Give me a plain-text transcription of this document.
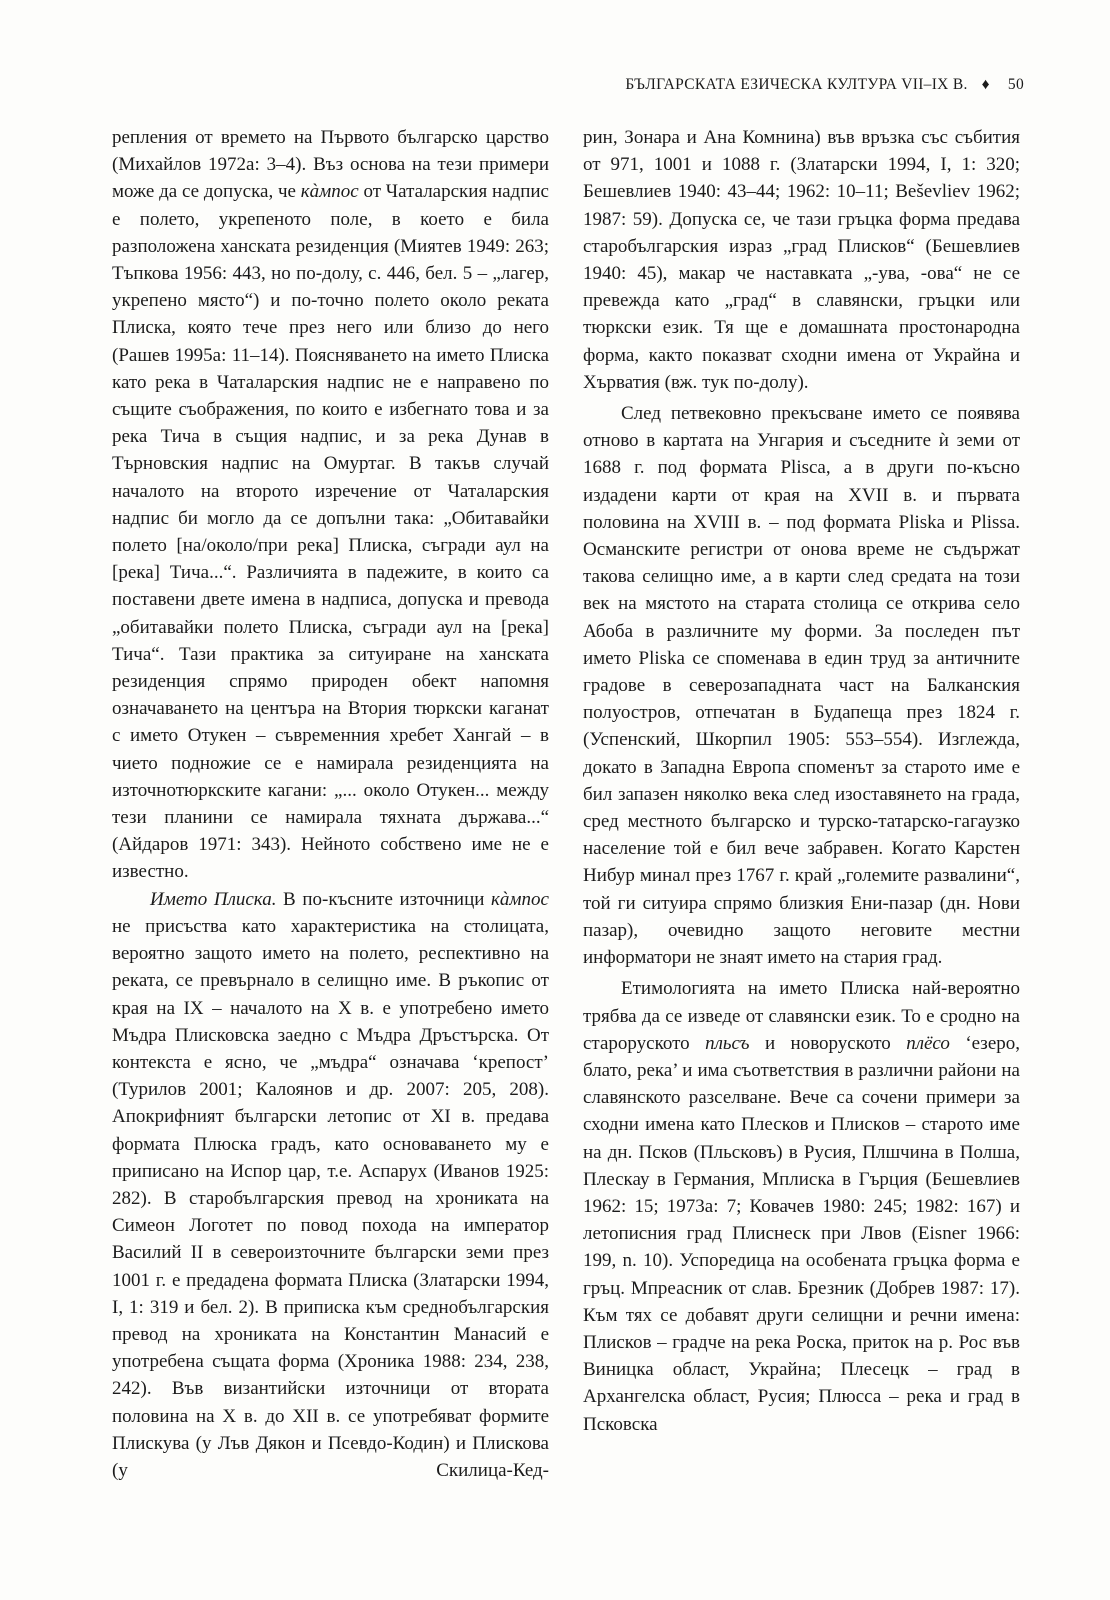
БЪЛГАРСКАТА ЕЗИЧЕСКА КУЛТУРА VII–IX В. ♦ 50

репления от времето на Първото българско царство (Михайлов 1972а: 3–4). Въз основа на тези примери може да се допуска, че кàмпос от Чаталарския надпис е полето, укрепеното поле, в което е била разположена ханската резиденция (Миятев 1949: 263; Тъпкова 1956: 443, но по-долу, с. 446, бел. 5 – „лагер, укрепено място“) и по-точно полето около реката Плиска, която тече през него или близо до него (Рашев 1995а: 11–14). Поясняването на името Плиска като река в Чаталарския надпис не е направено по същите съображения, по които е избегнато това и за река Тича в същия надпис, и за река Дунав в Търновския надпис на Омуртаг. В такъв случай началото на второто изречение от Чаталарския надпис би могло да се допълни така: „Обитавайки полето [на/около/при река] Плиска, съгради аул на [река] Тича...“. Различията в падежите, в които са поставени двете имена в надписа, допуска и превода „обитавайки полето Плиска, съгради аул на [река] Тича“. Тази практика за ситуиране на ханската резиденция спрямо природен обект напомня означаването на центъра на Втория тюркски каганат с името Отукен – съвременния хребет Хангай – в чието подножие се е намирала резиденцията на източнотюркските кагани: „... около Отукен... между тези планини се намирала тяхната държава...“ (Айдаров 1971: 343). Нейното собствено име не е известно.

Името Плиска. В по-късните източници кàмпос не присъства като характеристика на столицата, вероятно защото името на полето, респективно на реката, се превърнало в селищно име. В ръкопис от края на IX – началото на X в. е употребено името Мъдра Плисковска заедно с Мъдра Дръстърска. От контекста е ясно, че „мъдра“ означава ‘крепост’ (Турилов 2001; Калоянов и др. 2007: 205, 208). Апокрифният български летопис от XI в. предава формата Плюска градъ, като основаването му е приписано на Испор цар, т.е. Аспарух (Иванов 1925: 282). В старобългарския превод на хрониката на Симеон Логотет по повод похода на император Василий II в североизточните български земи през 1001 г. е предадена формата Плиска (Златарски 1994, I, 1: 319 и бел. 2). В приписка към среднобългарския превод на хрониката на Константин Манасий е употребена същата форма (Хроника 1988: 234, 238, 242). Във византийски източници от втората половина на X в. до XII в. се употребяват формите Плискува (у Лъв Дякон и Псевдо-Кодин) и Плискова (у Скилица-Кед-

рин, Зонара и Ана Комнина) във връзка със събития от 971, 1001 и 1088 г. (Златарски 1994, I, 1: 320; Бешевлиев 1940: 43–44; 1962: 10–11; Beševliev 1962; 1987: 59). Допуска се, че тази гръцка форма предава старобългарския израз „град Плисков“ (Бешевлиев 1940: 45), макар че наставката „-ува, -ова“ не се превежда като „град“ в славянски, гръцки или тюркски език. Тя ще е домашната простонародна форма, както показват сходни имена от Украйна и Хърватия (вж. тук по-долу).

След петвековно прекъсване името се появява отново в картата на Унгария и съседните ѝ земи от 1688 г. под формата Plisca, а в други по-късно издадени карти от края на XVII в. и първата половина на XVIII в. – под формата Pliska и Plissa. Османските регистри от онова време не съдържат такова селищно име, а в карти след средата на този век на мястото на старата столица се открива село Абоба в различните му форми. За последен път името Pliska се споменава в един труд за античните градове в северозападната част на Балканския полуостров, отпечатан в Будапеща през 1824 г. (Успенский, Шкорпил 1905: 553–554). Изглежда, докато в Западна Европа споменът за старото име е бил запазен няколко века след изоставянето на града, сред местното българско и турско-татарско-гагаузко население той е бил вече забравен. Когато Карстен Нибур минал през 1767 г. край „големите развалини“, той ги ситуира спрямо близкия Ени-пазар (дн. Нови пазар), очевидно защото неговите местни информатори не знаят името на стария град.

Етимологията на името Плиска най-вероятно трябва да се изведе от славянски език. То е сродно на староруското пльсъ и новоруското плёсо ‘езеро, блато, река’ и има съответствия в различни райони на славянското разселване. Вече са сочени примери за сходни имена като Плесков и Плисков – старото име на дн. Псков (Пльсковъ) в Русия, Плшчина в Полша, Плескау в Германия, Мплиска в Гърция (Бешевлиев 1962: 15; 1973а: 7; Ковачев 1980: 245; 1982: 167) и летописния град Плиснеск при Лвов (Eisner 1966: 199, n. 10). Успоредица на особената гръцка форма е гръц. Мпреасник от слав. Брезник (Добрев 1987: 17). Към тях се добавят други селищни и речни имена: Плисков – градче на река Роска, приток на р. Рос във Виницка област, Украйна; Плесецк – град в Архангелска област, Русия; Плюсса – река и град в Псковска
